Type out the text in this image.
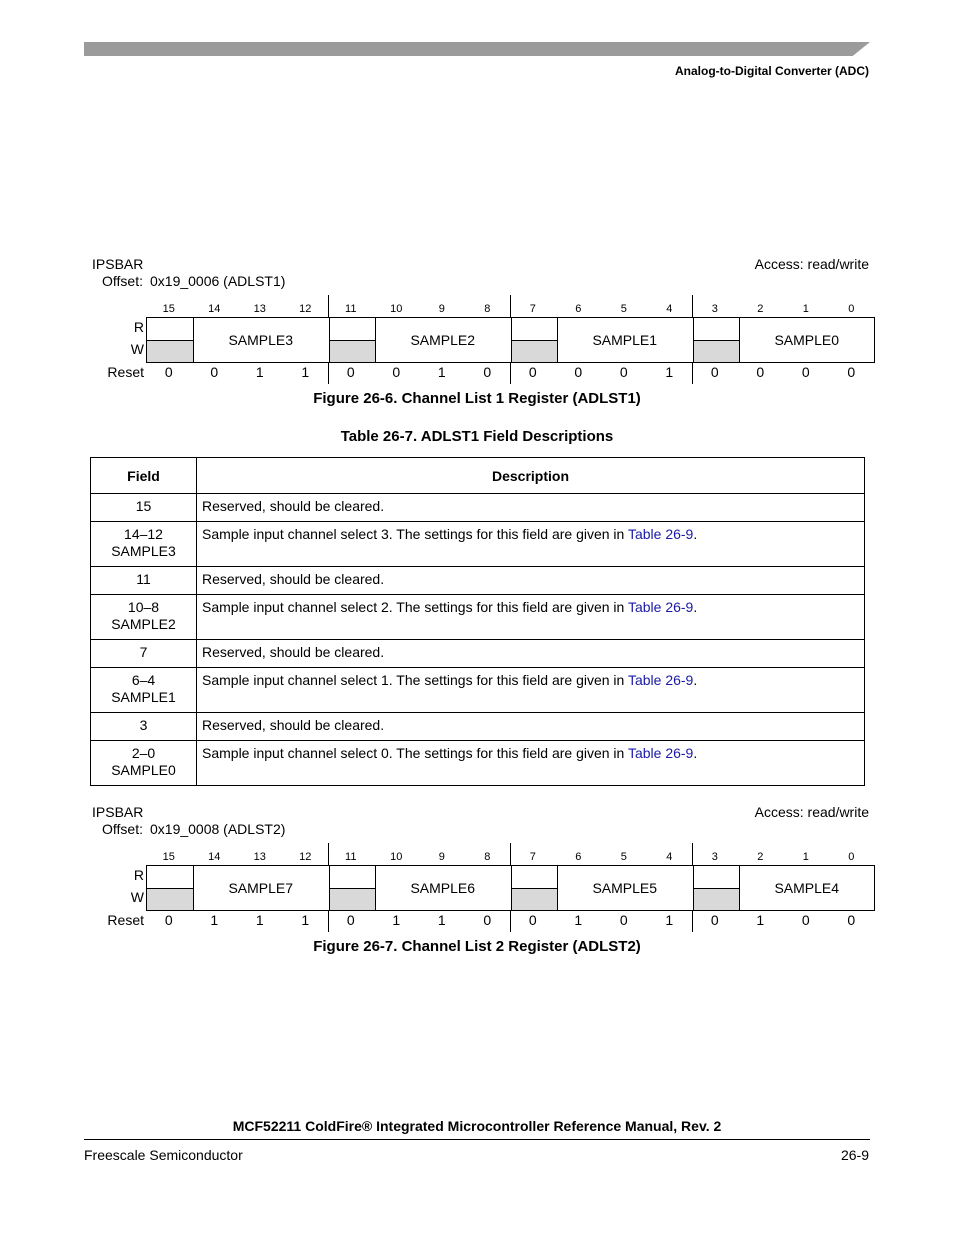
Analog-to-Digital Converter (ADC)
IPSBAR
Offset: 0x19_0006 (ADLST1)
Access: read/write
15	14	13	12	11	10	9	8	7	6	5	4	3	2	1	0
R
W
SAMPLE3	SAMPLE2	SAMPLE1	SAMPLE0
Reset	0	0	1	1	0	0	1	0	0	0	0	1	0	0	0	0
Figure 26-6. Channel List 1 Register (ADLST1)
Table 26-7. ADLST1 Field Descriptions
Field	Description

15	Reserved, should be cleared.

14–12
SAMPLE3	Sample input channel select 3. The settings for this field are given in Table 26-9.

11	Reserved, should be cleared.

10–8
SAMPLE2	Sample input channel select 2. The settings for this field are given in Table 26-9.

7	Reserved, should be cleared.

6–4
SAMPLE1	Sample input channel select 1. The settings for this field are given in Table 26-9.

3	Reserved, should be cleared.

2–0
SAMPLE0	Sample input channel select 0. The settings for this field are given in Table 26-9.
IPSBAR
Offset: 0x19_0008 (ADLST2)
Access: read/write
15	14	13	12	11	10	9	8	7	6	5	4	3	2	1	0
R
W
SAMPLE7	SAMPLE6	SAMPLE5	SAMPLE4
Reset	0	1	1	1	0	1	1	0	0	1	0	1	0	1	0	0
Figure 26-7. Channel List 2 Register (ADLST2)
MCF52211 ColdFire® Integrated Microcontroller Reference Manual, Rev. 2
Freescale Semiconductor	26-9
